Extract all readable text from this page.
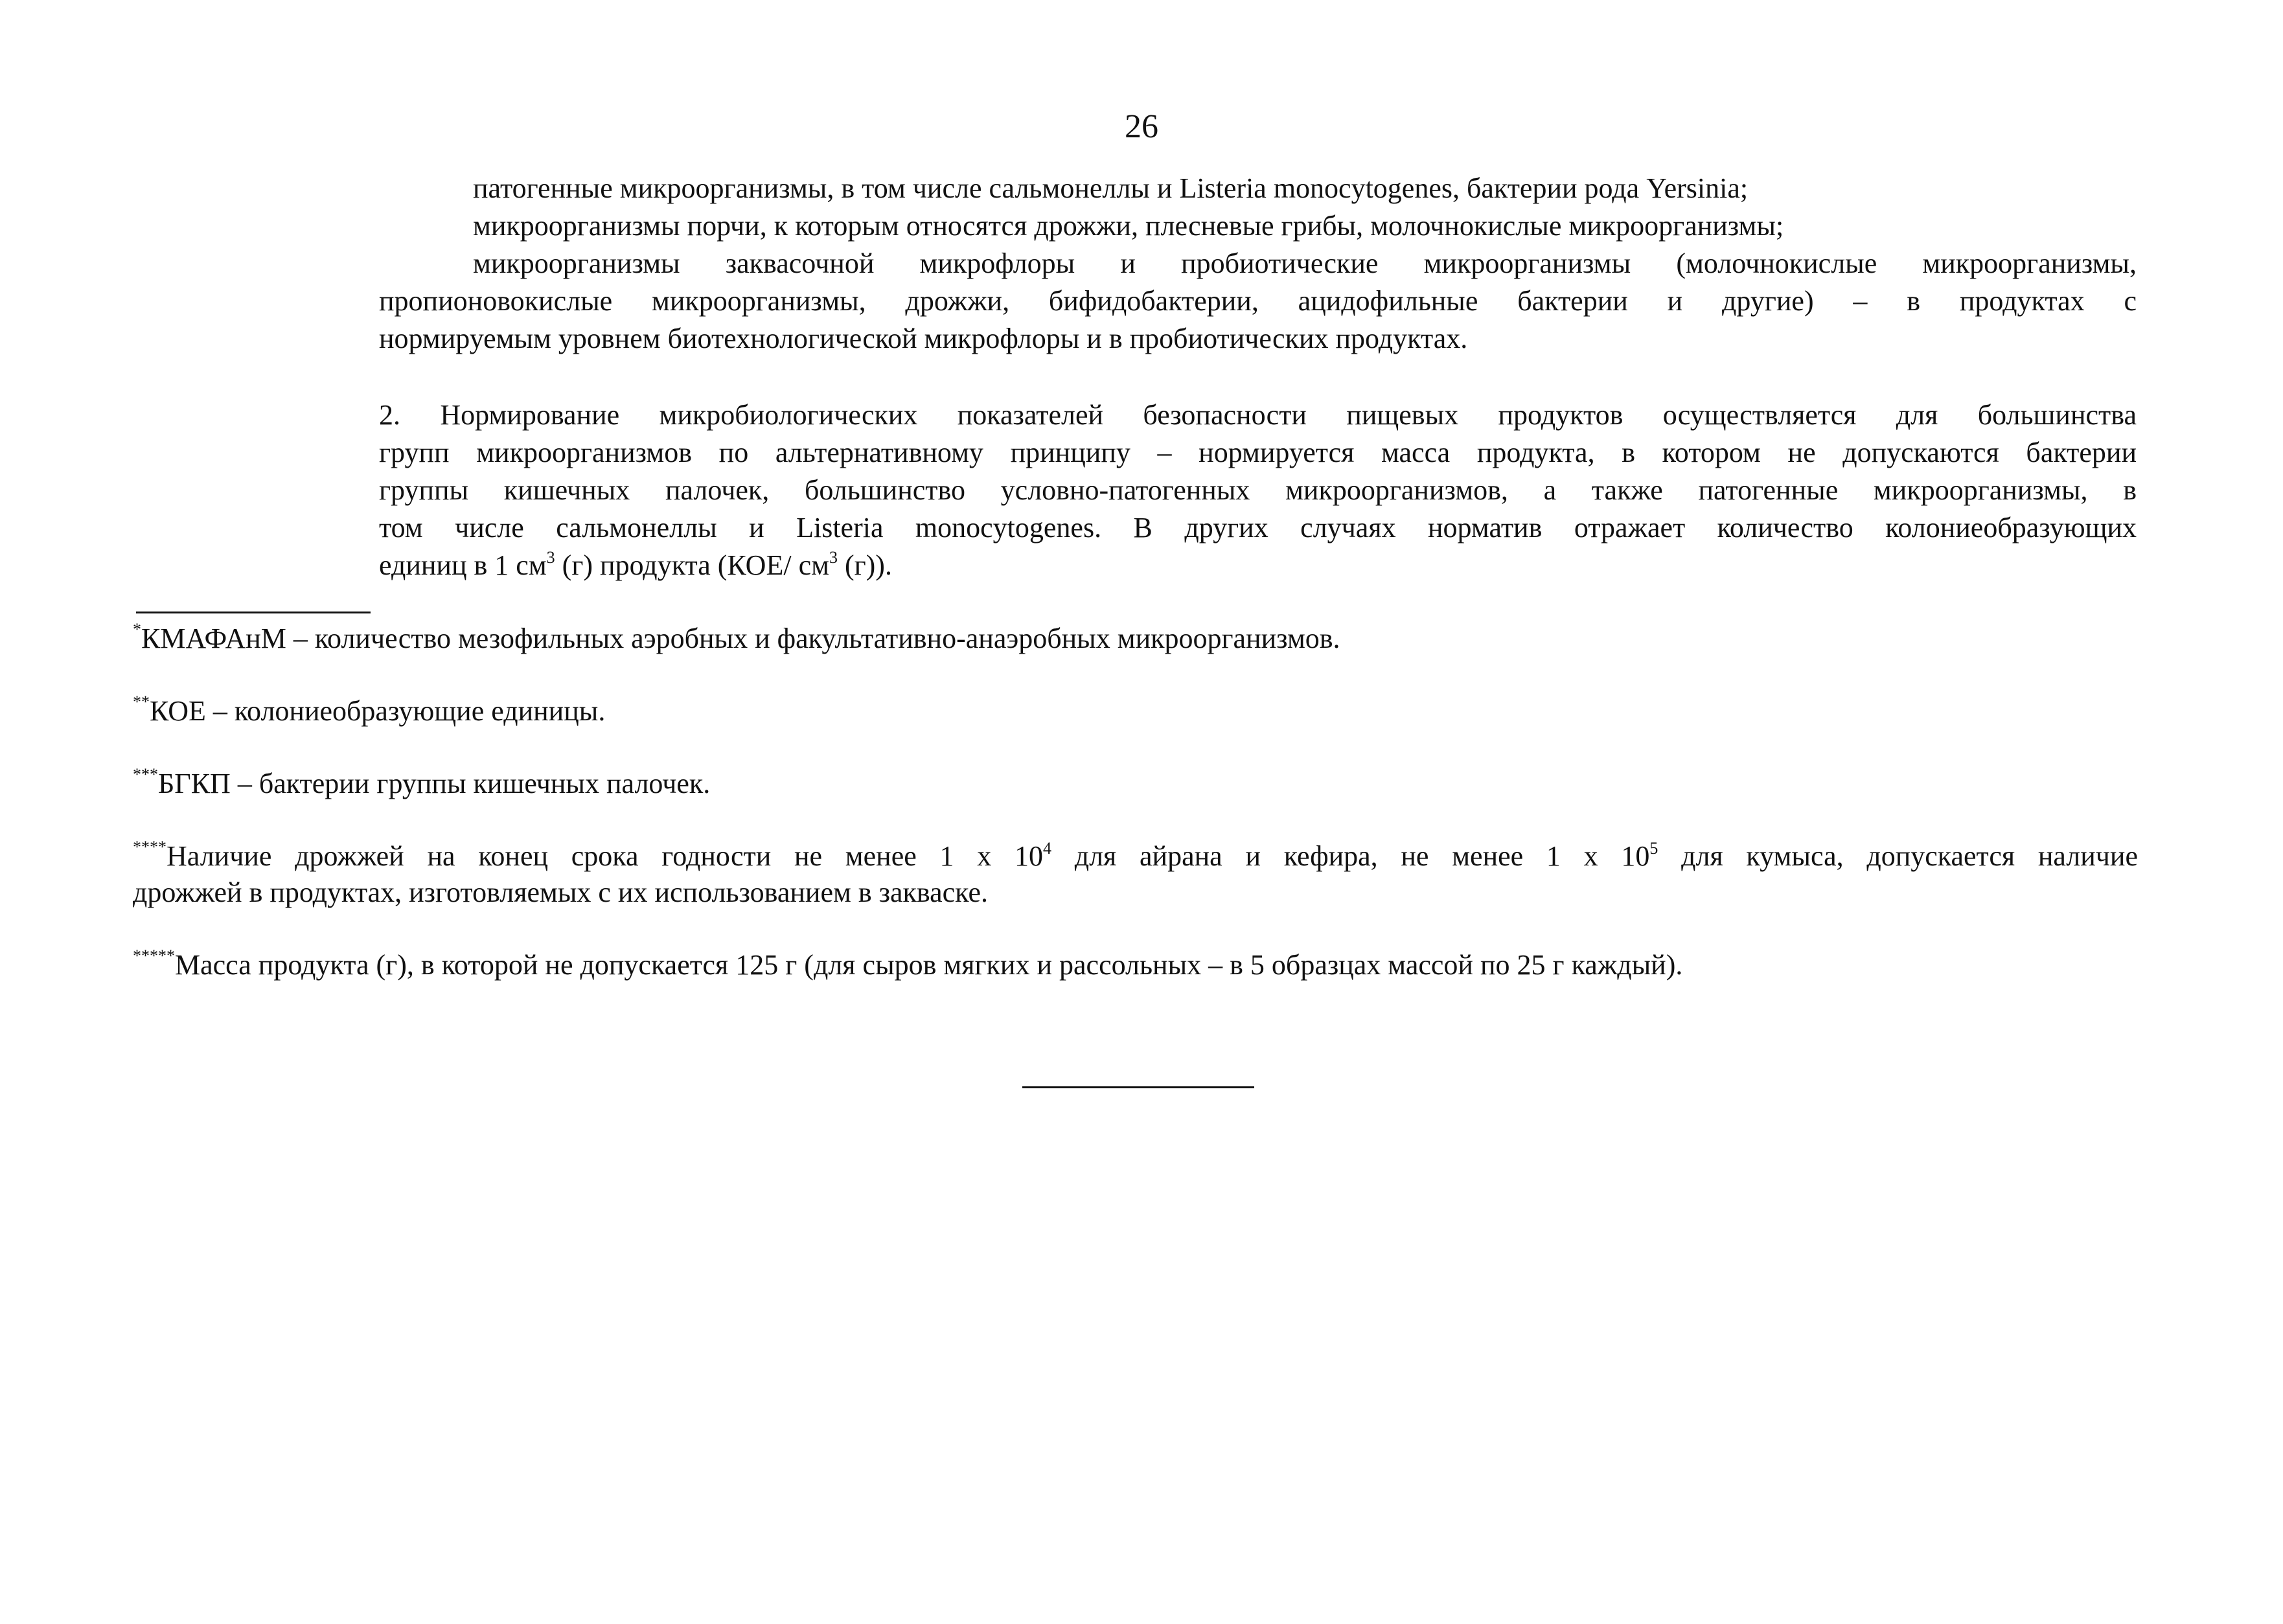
26
патогенные микроорганизмы, в том числе сальмонеллы и Listeria monocytogenes, бактерии рода Yersinia;
микроорганизмы порчи, к которым относятся дрожжи, плесневые грибы, молочнокислые микроорганизмы;
микроорганизмы заквасочной микрофлоры и пробиотические микроорганизмы (молочнокислые микроорганизмы,
пропионовокислые микроорганизмы, дрожжи, бифидобактерии, ацидофильные бактерии и другие) – в продуктах с
нормируемым уровнем биотехнологической микрофлоры и в пробиотических продуктах.
2. Нормирование микробиологических показателей безопасности пищевых продуктов осуществляется для большинства
групп микроорганизмов по альтернативному принципу – нормируется масса продукта, в котором не допускаются бактерии
группы кишечных палочек, большинство условно-патогенных микроорганизмов, а также патогенные микроорганизмы, в
том числе сальмонеллы и Listeria monocytogenes. В других случаях норматив отражает количество колониеобразующих
единиц в 1 $см^3$ (г) продукта (КОЕ/ $см^3$ (г)).
*КМАФАнМ – количество мезофильных аэробных и факультативно-анаэробных микроорганизмов.
**КОЕ – колониеобразующие единицы.
***БГКП – бактерии группы кишечных палочек.
****Наличие дрожжей на конец срока годности не менее 1 х $10^4$ для айрана и кефира, не менее 1 х $10^5$ для кумыса, допускается наличие
дрожжей в продуктах, изготовляемых с их использованием в закваске.
*****Масса продукта (г), в которой не допускается 125 г (для сыров мягких и рассольных – в 5 образцах массой по 25 г каждый).
